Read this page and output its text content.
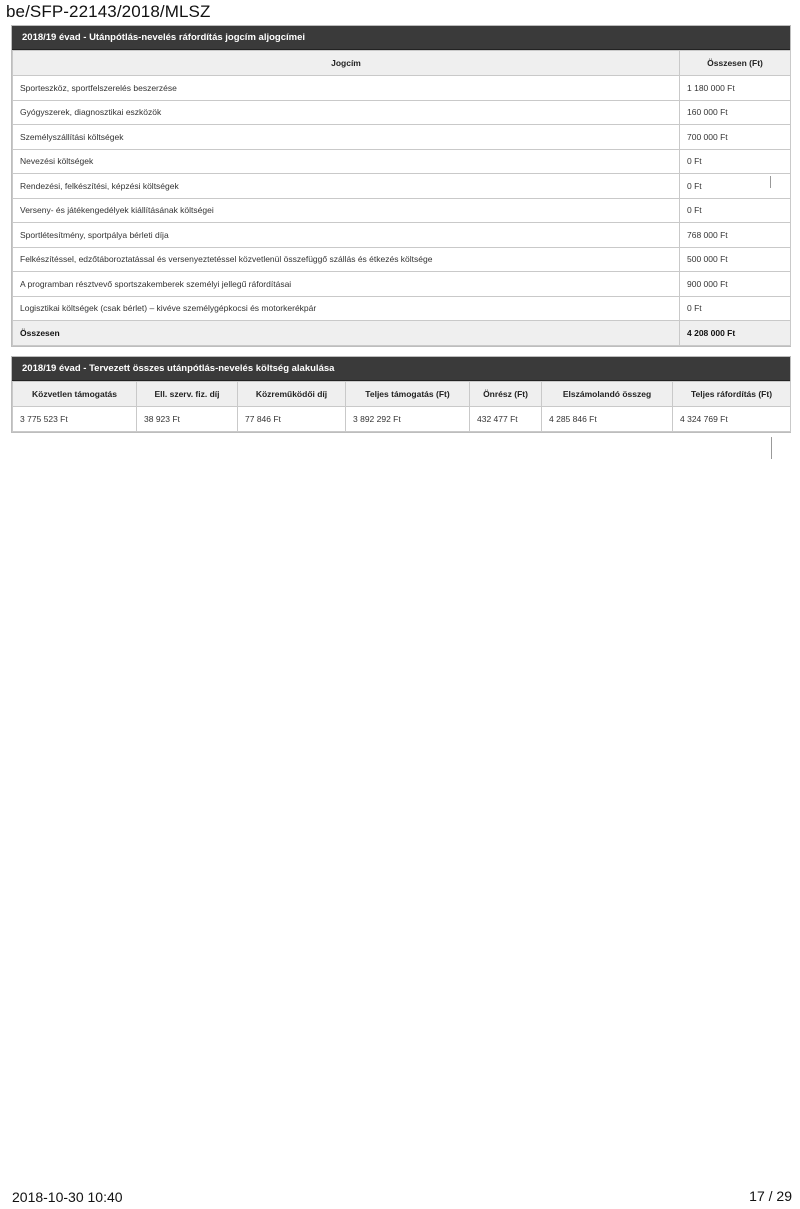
be/SFP-22143/2018/MLSZ
2018/19 évad - Utánpótlás-nevelés ráfordítás jogcím aljogcímei
Jogcím	Összesen (Ft)
Sporteszköz, sportfelszerelés beszerzése	1 180 000 Ft
Gyógyszerek, diagnosztikai eszközök	160 000 Ft
Személyszállítási költségek	700 000 Ft
Nevezési költségek	0 Ft
Rendezési, felkészítési, képzési költségek	0 Ft
Verseny- és játékengedélyek kiállításának költségei	0 Ft
Sportlétesítmény, sportpálya bérleti díja	768 000 Ft
Felkészítéssel, edzőtáboroztatással és versenyeztetéssel közvetlenül összefüggő szállás és étkezés költsége	500 000 Ft
A programban résztvevő sportszakemberek személyi jellegű ráfordításai	900 000 Ft
Logisztikai költségek (csak bérlet) – kivéve személygépkocsi és motorkerékpár	0 Ft
Összesen	4 208 000 Ft
2018/19 évad - Tervezett összes utánpótlás-nevelés költség alakulása
Közvetlen támogatás	Ell. szerv. fiz. díj	Közreműködői díj	Teljes támogatás (Ft)	Önrész (Ft)	Elszámolandó összeg	Teljes ráfordítás (Ft)
3 775 523 Ft	38 923 Ft	77 846 Ft	3 892 292 Ft	432 477 Ft	4 285 846 Ft	4 324 769 Ft
2018-10-30 10:40	17 / 29
